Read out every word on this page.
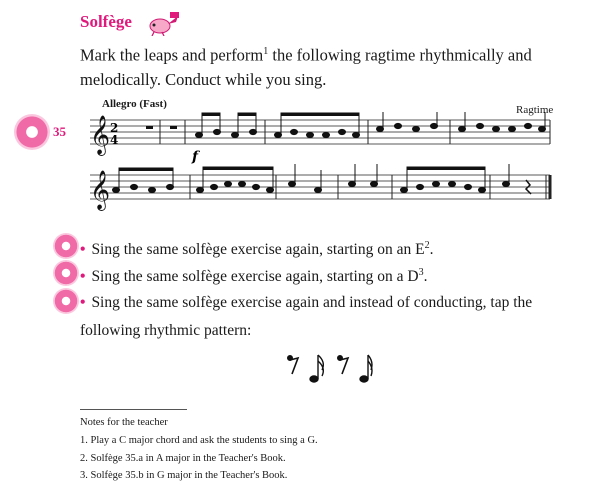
Solfège
Mark the leaps and perform$^1$ the following ragtime rhythmically and melodically. Conduct while you sing.
35
Allegro (Fast)	Ragtime
𝄞
𝄞
2
4
f
• Sing the same solfège exercise again, starting on an $E^2$.
• Sing the same solfège exercise again, starting on a $D^3$.
• Sing the same solfège exercise again and instead of conducting, tap the following rhythmic pattern:
Notes for the teacher
1. Play a C major chord and ask the students to sing a G.
2. Solfège 35.a in A major in the Teacher's Book.
3. Solfège 35.b in G major in the Teacher's Book.
